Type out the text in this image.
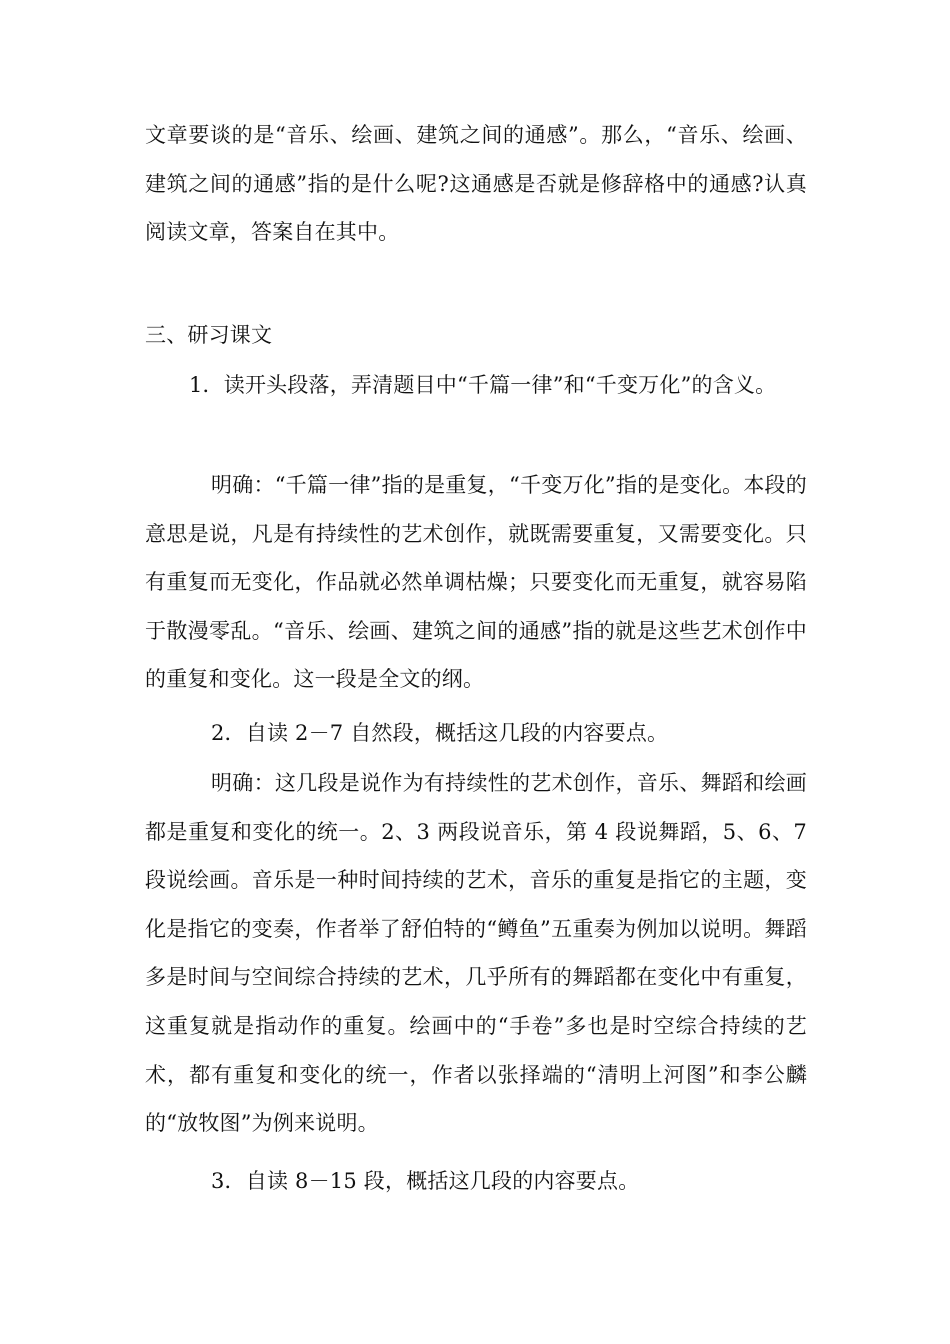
文章要谈的是“音乐、绘画、建筑之间的通感”。那么，“音乐、绘画、建筑之间的通感”指的是什么呢?这通感是否就是修辞格中的通感?认真阅读文章，答案自在其中。

三、研习课文

1．读开头段落，弄清题目中“千篇一律”和“千变万化”的含义。

明确：“千篇一律”指的是重复，“千变万化”指的是变化。本段的意思是说，凡是有持续性的艺术创作，就既需要重复，又需要变化。只有重复而无变化，作品就必然单调枯燥；只要变化而无重复，就容易陷于散漫零乱。“音乐、绘画、建筑之间的通感”指的就是这些艺术创作中的重复和变化。这一段是全文的纲。

2．自读 2－7 自然段，概括这几段的内容要点。

明确：这几段是说作为有持续性的艺术创作，音乐、舞蹈和绘画都是重复和变化的统一。2、3 两段说音乐，第 4 段说舞蹈，5、6、7 段说绘画。音乐是一种时间持续的艺术，音乐的重复是指它的主题，变化是指它的变奏，作者举了舒伯特的“鳟鱼”五重奏为例加以说明。舞蹈多是时间与空间综合持续的艺术，几乎所有的舞蹈都在变化中有重复，这重复就是指动作的重复。绘画中的“手卷”多也是时空综合持续的艺术，都有重复和变化的统一，作者以张择端的“清明上河图”和李公麟的“放牧图”为例来说明。

3．自读 8－15 段，概括这几段的内容要点。
